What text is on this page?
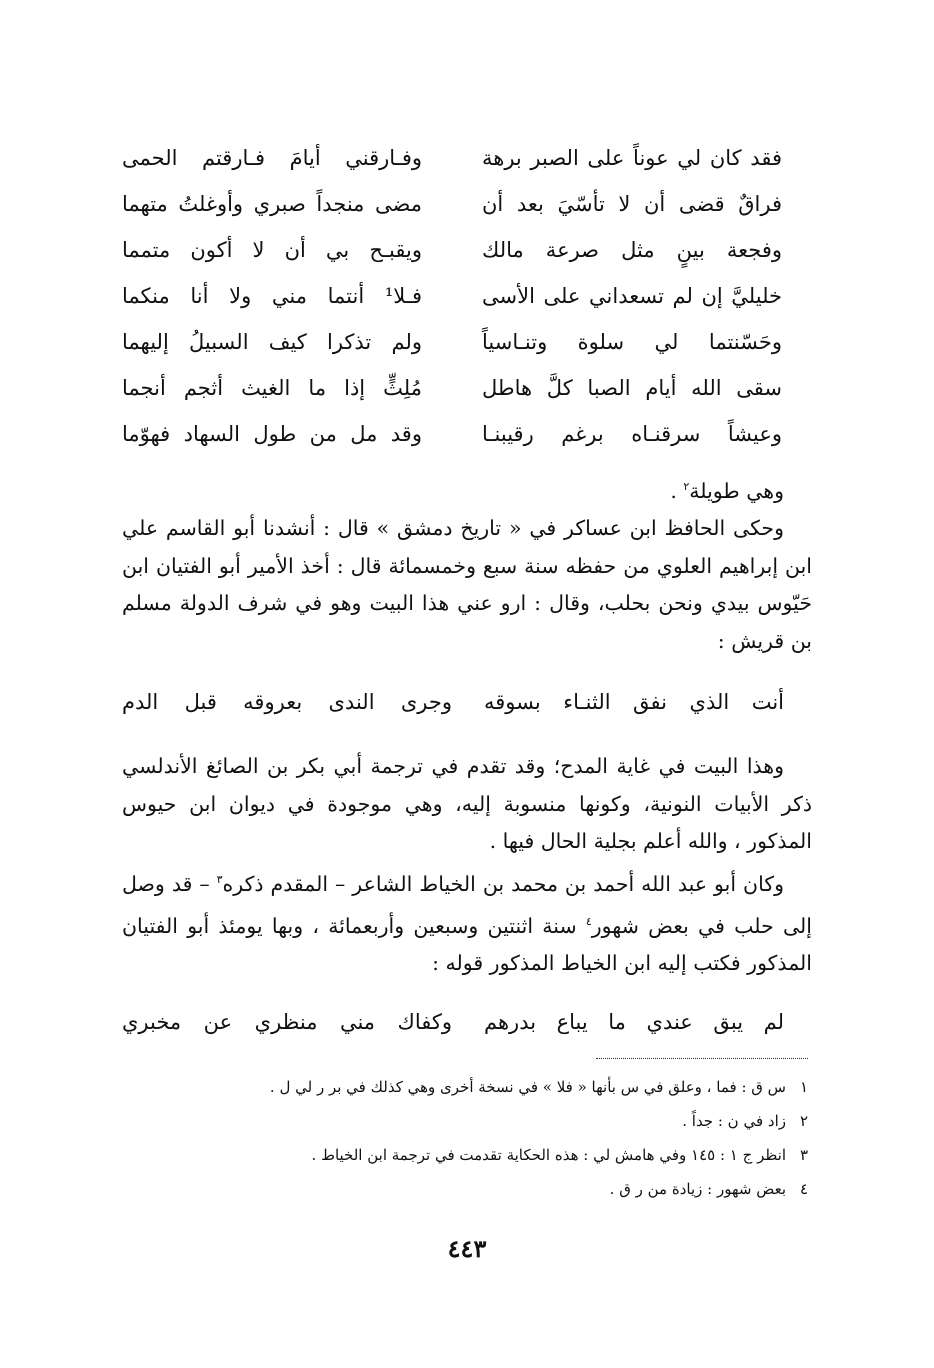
فقد كان لي عوناً على الصبر برهة
وفـارقني أيامَ فـارقتم الحمى
فراقٌ قضى أن لا تأسّيَ بعد أن
مضى منجداً صبري وأوغلتُ متهما
وفجعة بينٍ مثل صرعة مالك
ويقبـح بي أن لا أكون متمما
خليليَّ إن لم تسعداني على الأسى
فـلا¹ أنتما مني ولا أنا منكما
وحَسّنتما لي سلوة وتنـاسياً
ولم تذكرا كيف السبيلُ إليهما
سقى الله أيام الصبا كلَّ هاطل
مُلِثٍّ إذا ما الغيث أثجم أنجما
وعيشاً سرقنـاه برغم رقيبنـا
وقد مل من طول السهاد فهوّما

وهي طويلة$^٢$ .

وحكى الحافظ ابن عساكر في « تاريخ دمشق » قال : أنشدنا أبو القاسم علي ابن إبراهيم العلوي من حفظه سنة سبع وخمسمائة قال : أخذ الأمير أبو الفتيان ابن حَيّوس بيدي ونحن بحلب، وقال : ارو عني هذا البيت وهو في شرف الدولة مسلم بن قريش :

أنت الذي نفق الثنـاء بسوقه
وجرى الندى بعروقه قبل الدم

وهذا البيت في غاية المدح؛ وقد تقدم في ترجمة أبي بكر بن الصائغ الأندلسي ذكر الأبيات النونية، وكونها منسوبة إليه، وهي موجودة في ديوان ابن حيوس المذكور ، والله أعلم بجلية الحال فيها .

وكان أبو عبد الله أحمد بن محمد بن الخياط الشاعر – المقدم ذكره$^٣$ – قد وصل إلى حلب في بعض شهور$^٤$ سنة اثنتين وسبعين وأربعمائة ، وبها يومئذ أبو الفتيان المذكور فكتب إليه ابن الخياط المذكور قوله :

لم يبق عندي ما يباع بدرهم
وكفاك مني منظري عن مخبري
١س ق : فما ، وعلق في س بأنها « فلا » في نسخة أخرى وهي كذلك في بر ر لي ل .
٢زاد في ن : جداً .
٣انظر ج ١ : ١٤٥ وفي هامش لي : هذه الحكاية تقدمت في ترجمة ابن الخياط .
٤بعض شهور : زيادة من ر ق .
٤٤٣
